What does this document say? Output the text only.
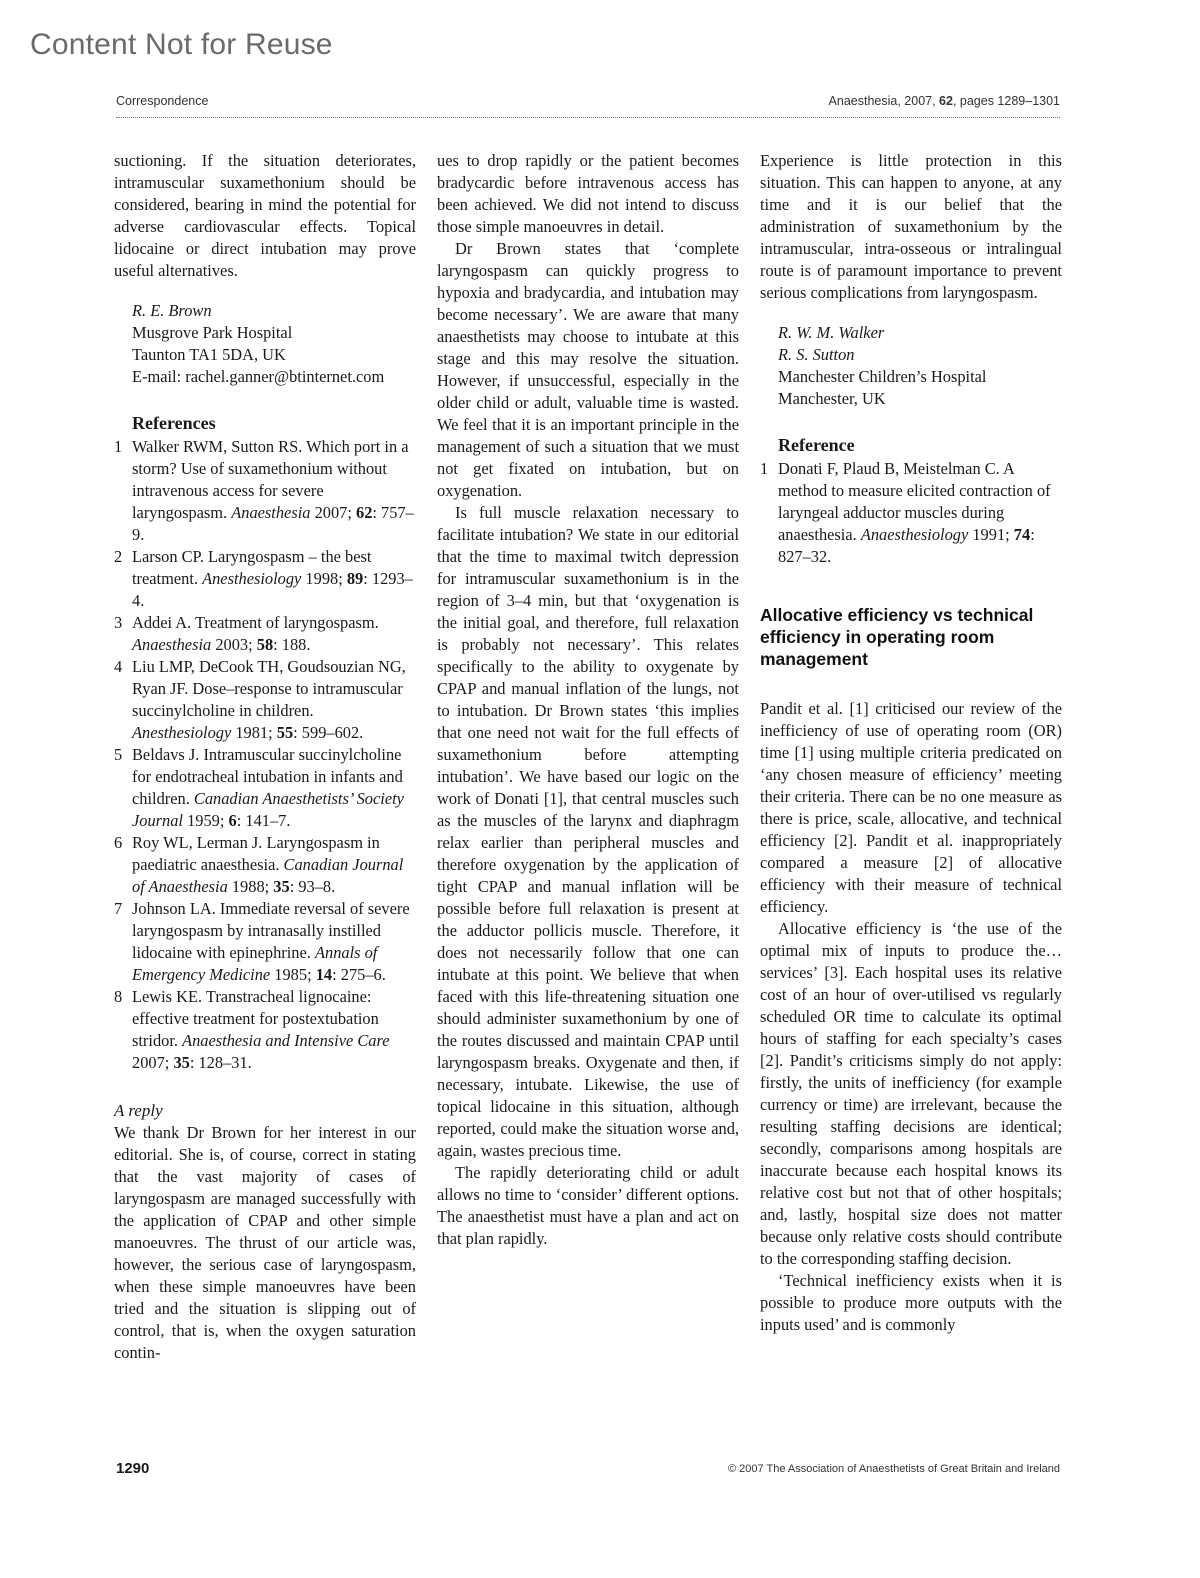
Content Not for Reuse
Correspondence	Anaesthesia, 2007, 62, pages 1289–1301

suctioning. If the situation deteriorates, intramuscular suxamethonium should be considered, bearing in mind the potential for adverse cardiovascular effects. Topical lidocaine or direct intubation may prove useful alternatives.

R. E. Brown
Musgrove Park Hospital
Taunton TA1 5DA, UK
E-mail: rachel.ganner@btinternet.com
References
1 Walker RWM, Sutton RS. Which port in a storm? Use of suxamethonium without intravenous access for severe laryngospasm. Anaesthesia 2007; 62: 757–9.
2 Larson CP. Laryngospasm – the best treatment. Anesthesiology 1998; 89: 1293–4.
3 Addei A. Treatment of laryngospasm. Anaesthesia 2003; 58: 188.
4 Liu LMP, DeCook TH, Goudsouzian NG, Ryan JF. Dose–response to intramuscular succinylcholine in children. Anesthesiology 1981; 55: 599–602.
5 Beldavs J. Intramuscular succinylcholine for endotracheal intubation in infants and children. Canadian Anaesthetists’ Society Journal 1959; 6: 141–7.
6 Roy WL, Lerman J. Laryngospasm in paediatric anaesthesia. Canadian Journal of Anaesthesia 1988; 35: 93–8.
7 Johnson LA. Immediate reversal of severe laryngospasm by intranasally instilled lidocaine with epinephrine. Annals of Emergency Medicine 1985; 14: 275–6.
8 Lewis KE. Transtracheal lignocaine: effective treatment for postextubation stridor. Anaesthesia and Intensive Care 2007; 35: 128–31.
A reply

We thank Dr Brown for her interest in our editorial. She is, of course, correct in stating that the vast majority of cases of laryngospasm are managed successfully with the application of CPAP and other simple manoeuvres. The thrust of our article was, however, the serious case of laryngospasm, when these simple manoeuvres have been tried and the situation is slipping out of control, that is, when the oxygen saturation contin-

ues to drop rapidly or the patient becomes bradycardic before intravenous access has been achieved. We did not intend to discuss those simple manoeuvres in detail.

Dr Brown states that ‘complete laryngospasm can quickly progress to hypoxia and bradycardia, and intubation may become necessary’. We are aware that many anaesthetists may choose to intubate at this stage and this may resolve the situation. However, if unsuccessful, especially in the older child or adult, valuable time is wasted. We feel that it is an important principle in the management of such a situation that we must not get fixated on intubation, but on oxygenation.

Is full muscle relaxation necessary to facilitate intubation? We state in our editorial that the time to maximal twitch depression for intramuscular suxamethonium is in the region of 3–4 min, but that ‘oxygenation is the initial goal, and therefore, full relaxation is probably not necessary’. This relates specifically to the ability to oxygenate by CPAP and manual inflation of the lungs, not to intubation. Dr Brown states ‘this implies that one need not wait for the full effects of suxamethonium before attempting intubation’. We have based our logic on the work of Donati [1], that central muscles such as the muscles of the larynx and diaphragm relax earlier than peripheral muscles and therefore oxygenation by the application of tight CPAP and manual inflation will be possible before full relaxation is present at the adductor pollicis muscle. Therefore, it does not necessarily follow that one can intubate at this point. We believe that when faced with this life-threatening situation one should administer suxamethonium by one of the routes discussed and maintain CPAP until laryngospasm breaks. Oxygenate and then, if necessary, intubate. Likewise, the use of topical lidocaine in this situation, although reported, could make the situation worse and, again, wastes precious time.

The rapidly deteriorating child or adult allows no time to ‘consider’ different options. The anaesthetist must have a plan and act on that plan rapidly.

Experience is little protection in this situation. This can happen to anyone, at any time and it is our belief that the administration of suxamethonium by the intramuscular, intra-osseous or intralingual route is of paramount importance to prevent serious complications from laryngospasm.

R. W. M. Walker
R. S. Sutton
Manchester Children’s Hospital
Manchester, UK
Reference
1 Donati F, Plaud B, Meistelman C. A method to measure elicited contraction of laryngeal adductor muscles during anaesthesia. Anaesthesiology 1991; 74: 827–32.
Allocative efficiency vs technical efficiency in operating room management

Pandit et al. [1] criticised our review of the inefficiency of use of operating room (OR) time [1] using multiple criteria predicated on ‘any chosen measure of efficiency’ meeting their criteria. There can be no one measure as there is price, scale, allocative, and technical efficiency [2]. Pandit et al. inappropriately compared a measure [2] of allocative efficiency with their measure of technical efficiency.

Allocative efficiency is ‘the use of the optimal mix of inputs to produce the…services’ [3]. Each hospital uses its relative cost of an hour of over-utilised vs regularly scheduled OR time to calculate its optimal hours of staffing for each specialty’s cases [2]. Pandit’s criticisms simply do not apply: firstly, the units of inefficiency (for example currency or time) are irrelevant, because the resulting staffing decisions are identical; secondly, comparisons among hospitals are inaccurate because each hospital knows its relative cost but not that of other hospitals; and, lastly, hospital size does not matter because only relative costs should contribute to the corresponding staffing decision.

‘Technical inefficiency exists when it is possible to produce more outputs with the inputs used’ and is commonly

1290	© 2007 The Association of Anaesthetists of Great Britain and Ireland
